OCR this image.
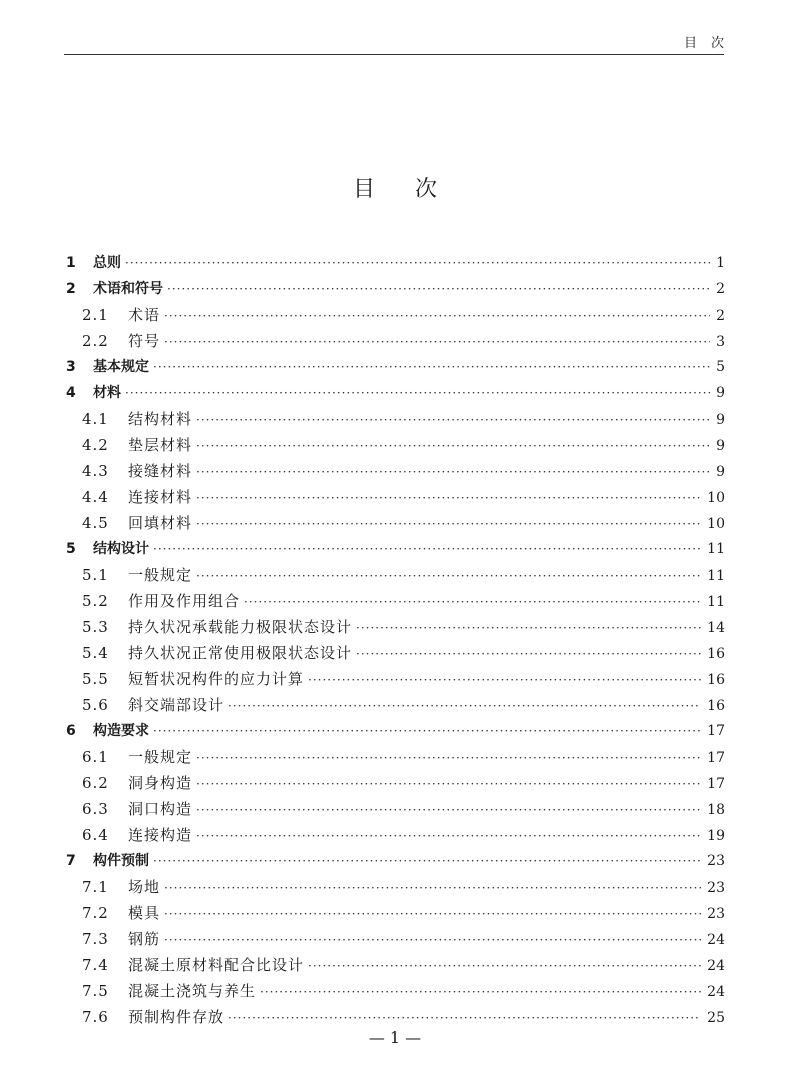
目次
目次
1	总则 ·····	1
2	术语和符号 ·····	2
2.1	术语 ·····	2
2.2	符号 ·····	3
3	基本规定 ·····	5
4	材料 ·····	9
4.1	结构材料 ·····	9
4.2	垫层材料 ·····	9
4.3	接缝材料 ·····	9
4.4	连接材料 ·····	10
4.5	回填材料 ·····	10
5	结构设计 ·····	11
5.1	一般规定 ·····	11
5.2	作用及作用组合 ·····	11
5.3	持久状况承载能力极限状态设计 ·····	14
5.4	持久状况正常使用极限状态设计 ·····	16
5.5	短暂状况构件的应力计算 ·····	16
5.6	斜交端部设计 ·····	16
6	构造要求 ·····	17
6.1	一般规定 ·····	17
6.2	洞身构造 ·····	17
6.3	洞口构造 ·····	18
6.4	连接构造 ·····	19
7	构件预制 ·····	23
7.1	场地 ·····	23
7.2	模具 ·····	23
7.3	钢筋 ·····	24
7.4	混凝土原材料配合比设计 ·····	24
7.5	混凝土浇筑与养生 ·····	24
7.6	预制构件存放 ·····	25
— 1 —
